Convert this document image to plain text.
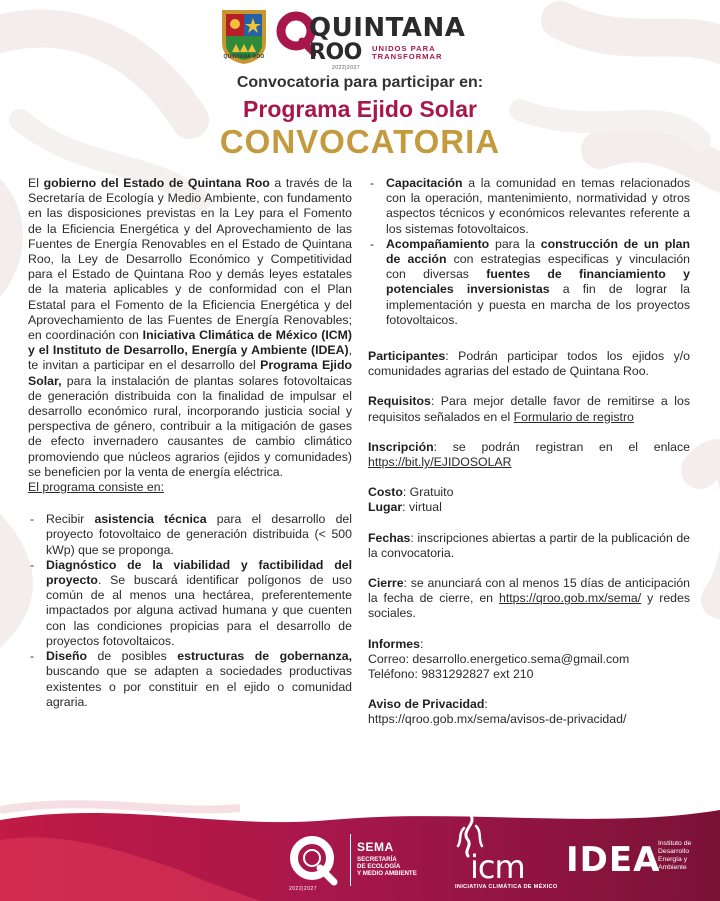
QUINTANA ROO
QUINTANA
ROO UNIDOS PARA
TRANSFORMAR
2022|2027
Convocatoria para participar en:
Programa Ejido Solar
CONVOCATORIA

El gobierno del Estado de Quintana Roo a través de la Secretaría de Ecología y Medio Ambiente, con fundamento en las disposiciones previstas en la Ley para el Fomento de la Eficiencia Energética y del Aprovechamiento de las Fuentes de Energía Renovables en el Estado de Quintana Roo, la Ley de Desarrollo Económico y Competitividad para el Estado de Quintana Roo y demás leyes estatales de la materia aplicables y de conformidad con el Plan Estatal para el Fomento de la Eficiencia Energética y del Aprovechamiento de las Fuentes de Energía Renovables; en coordinación con Iniciativa Climática de México (ICM) y el Instituto de Desarrollo, Energía y Ambiente (IDEA), te invitan a participar en el desarrollo del Programa Ejido Solar, para la instalación de plantas solares fotovoltaicas de generación distribuida con la finalidad de impulsar el desarrollo económico rural, incorporando justicia social y perspectiva de género, contribuir a la mitigación de gases de efecto invernadero causantes de cambio climático promoviendo que núcleos agrarios (ejidos y comunidades) se beneficien por la venta de energía eléctrica.

El programa consiste en:

- Recibir asistencia técnica para el desarrollo del proyecto fotovoltaico de generación distribuida (< 500 kWp) que se proponga.
- Diagnóstico de la viabilidad y factibilidad del proyecto. Se buscará identificar polígonos de uso común de al menos una hectárea, preferentemente impactados por alguna activad humana y que cuenten con las condiciones propicias para el desarrollo de proyectos fotovoltaicos.
- Diseño de posibles estructuras de gobernanza, buscando que se adapten a sociedades productivas existentes o por constituir en el ejido o comunidad agraria.
- Capacitación a la comunidad en temas relacionados con la operación, mantenimiento, normatividad y otros aspectos técnicos y económicos relevantes referente a los sistemas fotovoltaicos.
- Acompañamiento para la construcción de un plan de acción con estrategias especificas y vinculación con diversas fuentes de financiamiento y potenciales inversionistas a fin de lograr la implementación y puesta en marcha de los proyectos fotovoltaicos.

Participantes: Podrán participar todos los ejidos y/o comunidades agrarias del estado de Quintana Roo.

Requisitos: Para mejor detalle favor de remitirse a los requisitos señalados en el Formulario de registro

Inscripción: se podrán registran en el enlace https://bit.ly/EJIDOSOLAR

Costo: Gratuito

Lugar: virtual

Fechas: inscripciones abiertas a partir de la publicación de la convocatoria.

Cierre: se anunciará con al menos 15 días de anticipación la fecha de cierre, en https://qroo.gob.mx/sema/ y redes sociales.

Informes:

Correo: desarrollo.energetico.sema@gmail.com

Teléfono: 9831292827 ext 210

Aviso de Privacidad:

https://qroo.gob.mx/sema/avisos-de-privacidad/

2022|2027
SEMA
SECRETARÍA
DE ECOLOGÍA
Y MEDIO AMBIENTE	icm
INICIATIVA CLIMÁTICA DE MÉXICO
IDEA
Instituto de
Desarrollo
Energía y
Ambiente
